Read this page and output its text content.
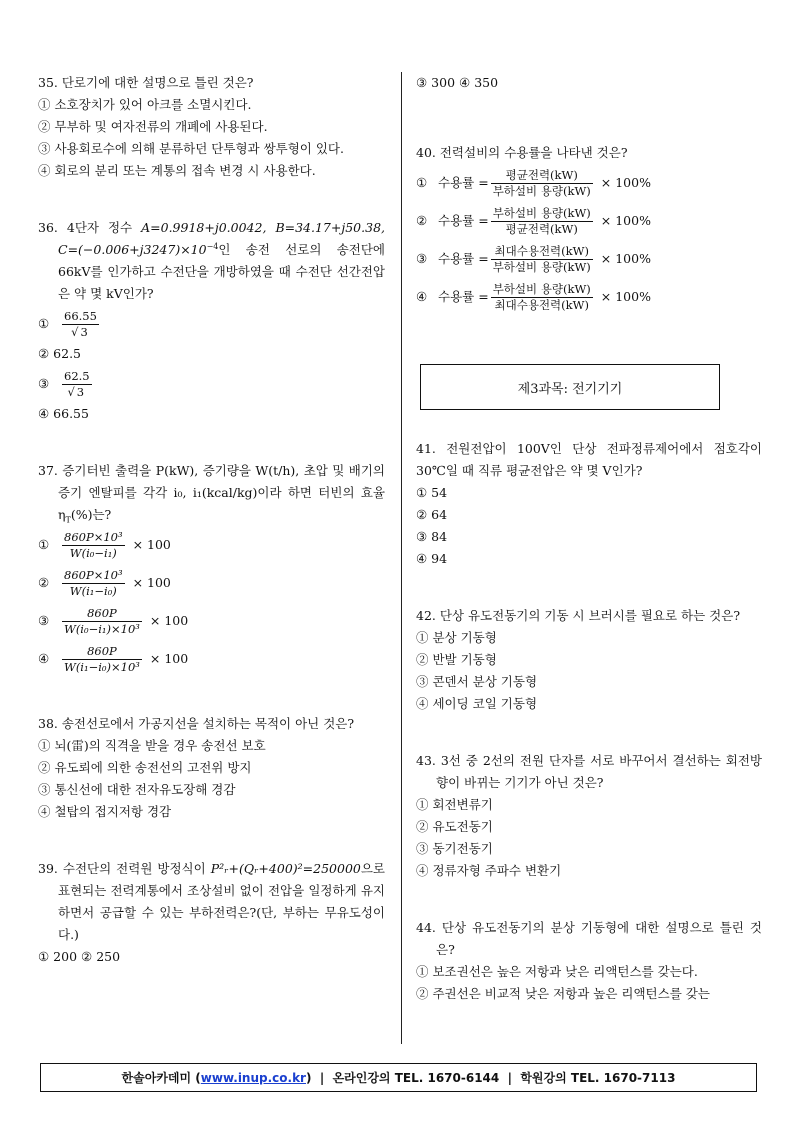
35. 단로기에 대한 설명으로 틀린 것은?
① 소호장치가 있어 아크를 소멸시킨다.
② 무부하 및 여자전류의 개폐에 사용된다.
③ 사용회로수에 의해 분류하던 단투형과 쌍투형이 있다.
④ 회로의 분리 또는 계통의 접속 변경 시 사용한다.
36. 4단자 정수 A=0.9918+j0.0042, B=34.17+j50.38, $C=(-0.006+j3247)\times 10^{-4}$인 송전 선로의 송전단에 66kV를 인가하고 수전단을 개방하였을 때 수전단 선간전압은 약 몇 kV인가?
①	$\frac{66.55}{√ 3}$
② 62.5
③	$\frac{62.5}{√ 3}$
④ 66.55
37. 증기터빈 출력을 P(kW), 증기량을 W(t/h), 초압 및 배기의 증기 엔탈피를 각각 i₀, i₁(kcal/kg)이라 하면 터빈의 효율 $\eta_T(\%)$는?
①	$\frac{\text{860P×10³}}{\text{W(i₀−i₁)}} \times 100$
②	$\frac{\text{860P×10³}}{\text{W(i₁−i₀)}} \times 100$
③	$\frac{860P}{\text{W(i₀−i₁)×10³}} \times 100$
④	$\frac{860P}{\text{W(i₁−i₀)×10³}} \times 100$
38. 송전선로에서 가공지선을 설치하는 목적이 아닌 것은?
① 뇌(雷)의 직격을 받을 경우 송전선 보호
② 유도뢰에 의한 송전선의 고전위 방지
③ 통신선에 대한 전자유도장해 경감
④ 철탑의 접지저항 경감
39. 수전단의 전력원 방정식이 P²ᵣ+(Qᵣ+400)²=250000으로 표현되는 전력계통에서 조상설비 없이 전압을 일정하게 유지하면서 공급할 수 있는 부하전력은?(단, 부하는 무유도성이다.)
① 200 ② 250
③ 300 ④ 350
40. 전력설비의 수용률을 나타낸 것은?
① 수용률 = $\frac{\text{평균전력(kW)}}{\text{부하설비 용량(kW)}} \times 100\%$
② 수용률 = $\frac{\text{부하설비 용량(kW)}}{\text{평균전력(kW)}} \times 100\%$
③ 수용률 = $\frac{\text{최대수용전력(kW)}}{\text{부하설비 용량(kW)}} \times 100\%$
④ 수용률 = $\frac{\text{부하설비 용량(kW)}}{\text{최대수용전력(kW)}} \times 100\%$
제3과목: 전기기기
41. 전원전압이 100V인 단상 전파정류제어에서 점호각이 30℃일 때 직류 평균전압은 약 몇 V인가?
① 54
② 64
③ 84
④ 94
42. 단상 유도전동기의 기동 시 브러시를 필요로 하는 것은?
① 분상 기동형
② 반발 기동형
③ 콘덴서 분상 기동형
④ 세이딩 코일 기동형
43. 3선 중 2선의 전원 단자를 서로 바꾸어서 결선하는 회전방향이 바뀌는 기기가 아닌 것은?
① 회전변류기
② 유도전동기
③ 동기전동기
④ 정류자형 주파수 변환기
44. 단상 유도전동기의 분상 기동형에 대한 설명으로 틀린 것은?
① 보조권선은 높은 저항과 낮은 리액턴스를 갖는다.
② 주권선은 비교적 낮은 저항과 높은 리액턴스를 갖는
한솔아카데미 ( www.inup.co.kr )  |  온라인강의 TEL. 1670-6144  |  학원강의 TEL. 1670-7113
